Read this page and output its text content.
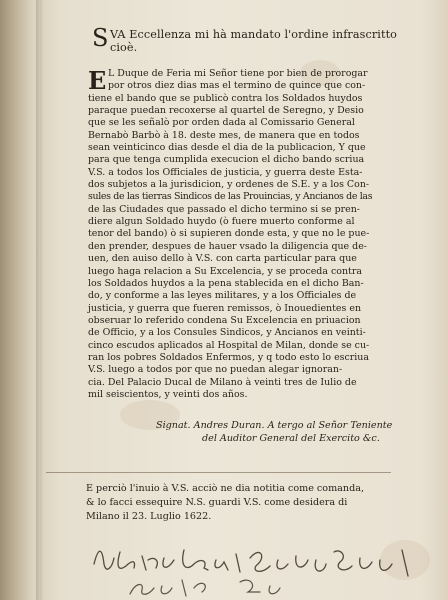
S VA Eccellenza mi hà mandato l'ordine infrascritto
cioè.
E L Duque de Feria mi Señor tiene por bien de prorogar
por otros diez dias mas el termino de quince que con-
tiene el bando que se publicò contra los Soldados huydos
paraque puedan recoxerse al quartel de Seregno, y Desio
que se les señalò por orden dada al Comissario General
Bernabò Barbò à 18. deste mes, de manera que en todos
sean veinticinco dias desde el dia de la publicacion, Y que
para que tenga cumplida execucion el dicho bando scriua
V.S. a todos los Officiales de justicia, y guerra deste Esta-
dos subjetos a la jurisdicion, y ordenes de S.E. y a los Con-
sules de las tierras Sindicos de las Prouincias, y Ancianos de las
de las Ciudades que passado el dicho termino si se pren-
diere algun Soldado huydo (ò fuere muerto conforme al
tenor del bando) ò si supieren donde esta, y que no le pue-
den prender, despues de hauer vsado la diligencia que de-
uen, den auiso dello à V.S. con carta particular para que
luego haga relacion a Su Excelencia, y se proceda contra
los Soldados huydos a la pena stablecida en el dicho Ban-
do, y conforme a las leyes militares, y a los Officiales de
justicia, y guerra que fueren remissos, ò Inouedientes en
obseruar lo referido condena Su Excelencia en priuacion
de Officio, y a los Consules Sindicos, y Ancianos en veinti-
cinco escudos aplicados al Hospital de Milan, donde se cu-
ran los pobres Soldados Enfermos, y q todo esto lo escriua
V.S. luego a todos por que no puedan alegar ignoran-
cia. Del Palacio Ducal de Milano à veinti tres de Iulio de
mil seiscientos, y veinti dos años.
Signat. Andres Duran. A tergo al Señor Teniente
del Auditor General del Exercito &c.
E perciò l'inuio à V.S. acciò ne dia notitia come comanda,
& lo facci essequire N.S. guardi V.S. come desidera di
Milano il 23. Luglio 1622.
